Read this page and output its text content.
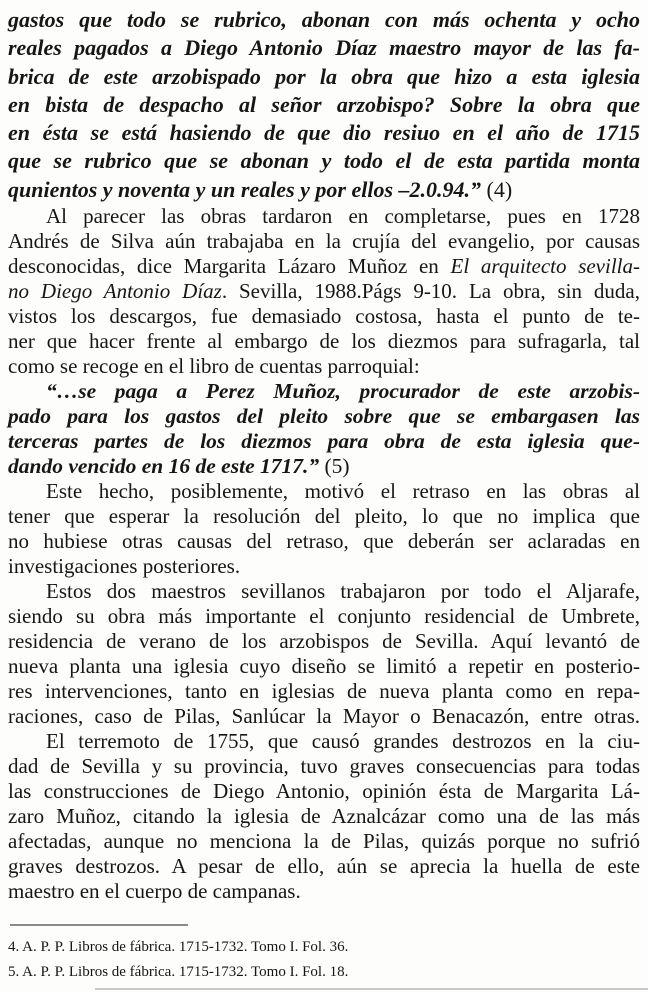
gastos que todo se rubrico, abonan con más ochenta y ocho
reales pagados a Diego Antonio Díaz maestro mayor de las fa-
brica de este arzobispado por la obra que hizo a esta iglesia
en bista de despacho al señor arzobispo? Sobre la obra que
en ésta se está hasiendo de que dio resiuo en el año de 1715
que se rubrico que se abonan y todo el de esta partida monta
qunientos y noventa y un reales y por ellos –2.0.94.” (4)
Al parecer las obras tardaron en completarse, pues en 1728
Andrés de Silva aún trabajaba en la crujía del evangelio, por causas
desconocidas, dice Margarita Lázaro Muñoz en El arquitecto sevilla-
no Diego Antonio Díaz. Sevilla, 1988.Págs 9-10. La obra, sin duda,
vistos los descargos, fue demasiado costosa, hasta el punto de te-
ner que hacer frente al embargo de los diezmos para sufragarla, tal
como se recoge en el libro de cuentas parroquial:
“…se paga a Perez Muñoz, procurador de este arzobis-
pado para los gastos del pleito sobre que se embargasen las
terceras partes de los diezmos para obra de esta iglesia que-
dando vencido en 16 de este 1717.” (5)
Este hecho, posiblemente, motivó el retraso en las obras al
tener que esperar la resolución del pleito, lo que no implica que
no hubiese otras causas del retraso, que deberán ser aclaradas en
investigaciones posteriores.
Estos dos maestros sevillanos trabajaron por todo el Aljarafe,
siendo su obra más importante el conjunto residencial de Umbrete,
residencia de verano de los arzobispos de Sevilla. Aquí levantó de
nueva planta una iglesia cuyo diseño se limitó a repetir en posterio-
res intervenciones, tanto en iglesias de nueva planta como en repa-
raciones, caso de Pilas, Sanlúcar la Mayor o Benacazón, entre otras.
El terremoto de 1755, que causó grandes destrozos en la ciu-
dad de Sevilla y su provincia, tuvo graves consecuencias para todas
las construcciones de Diego Antonio, opinión ésta de Margarita Lá-
zaro Muñoz, citando la iglesia de Aznalcázar como una de las más
afectadas, aunque no menciona la de Pilas, quizás porque no sufrió
graves destrozos. A pesar de ello, aún se aprecia la huella de este
maestro en el cuerpo de campanas.
4. A. P. P. Libros de fábrica. 1715-1732. Tomo I. Fol. 36.
5. A. P. P. Libros de fábrica. 1715-1732. Tomo I. Fol. 18.
